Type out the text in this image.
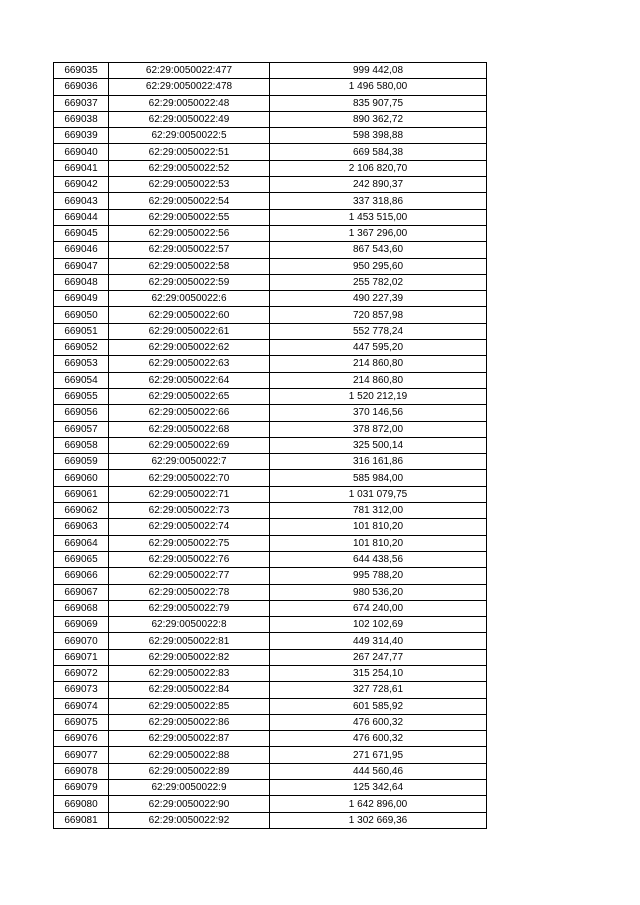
669035	62:29:0050022:477	999 442,08
669036	62:29:0050022:478	1 496 580,00
669037	62:29:0050022:48	835 907,75
669038	62:29:0050022:49	890 362,72
669039	62:29:0050022:5	598 398,88
669040	62:29:0050022:51	669 584,38
669041	62:29:0050022:52	2 106 820,70
669042	62:29:0050022:53	242 890,37
669043	62:29:0050022:54	337 318,86
669044	62:29:0050022:55	1 453 515,00
669045	62:29:0050022:56	1 367 296,00
669046	62:29:0050022:57	867 543,60
669047	62:29:0050022:58	950 295,60
669048	62:29:0050022:59	255 782,02
669049	62:29:0050022:6	490 227,39
669050	62:29:0050022:60	720 857,98
669051	62:29:0050022:61	552 778,24
669052	62:29:0050022:62	447 595,20
669053	62:29:0050022:63	214 860,80
669054	62:29:0050022:64	214 860,80
669055	62:29:0050022:65	1 520 212,19
669056	62:29:0050022:66	370 146,56
669057	62:29:0050022:68	378 872,00
669058	62:29:0050022:69	325 500,14
669059	62:29:0050022:7	316 161,86
669060	62:29:0050022:70	585 984,00
669061	62:29:0050022:71	1 031 079,75
669062	62:29:0050022:73	781 312,00
669063	62:29:0050022:74	101 810,20
669064	62:29:0050022:75	101 810,20
669065	62:29:0050022:76	644 438,56
669066	62:29:0050022:77	995 788,20
669067	62:29:0050022:78	980 536,20
669068	62:29:0050022:79	674 240,00
669069	62:29:0050022:8	102 102,69
669070	62:29:0050022:81	449 314,40
669071	62:29:0050022:82	267 247,77
669072	62:29:0050022:83	315 254,10
669073	62:29:0050022:84	327 728,61
669074	62:29:0050022:85	601 585,92
669075	62:29:0050022:86	476 600,32
669076	62:29:0050022:87	476 600,32
669077	62:29:0050022:88	271 671,95
669078	62:29:0050022:89	444 560,46
669079	62:29:0050022:9	125 342,64
669080	62:29:0050022:90	1 642 896,00
669081	62:29:0050022:92	1 302 669,36
